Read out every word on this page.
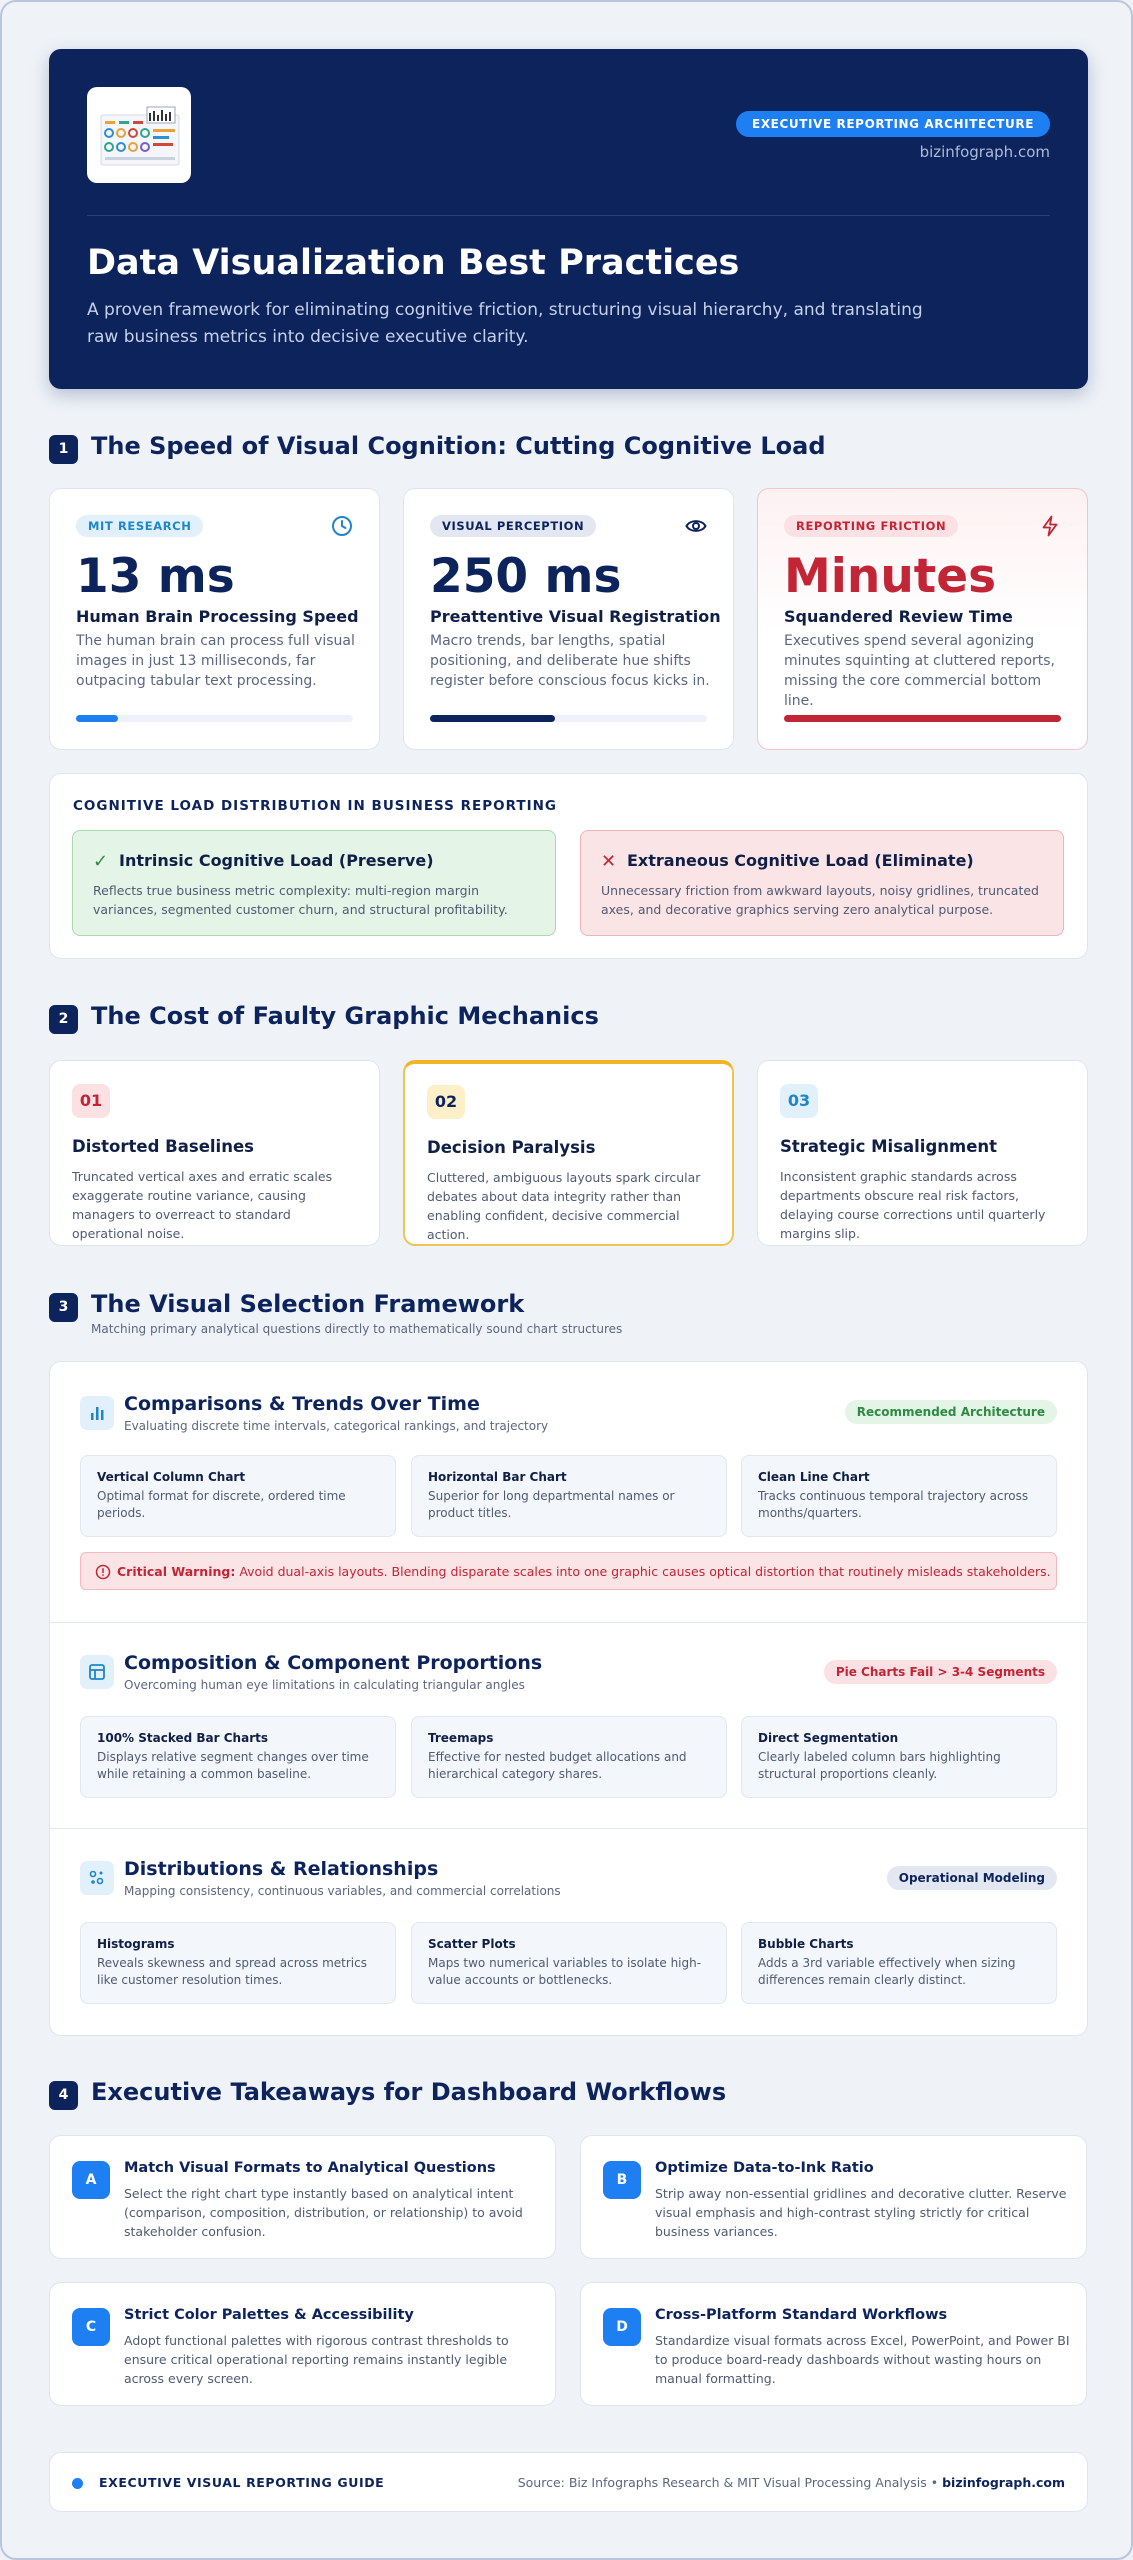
EXECUTIVE REPORTING ARCHITECTURE
bizinfograph.com
Data Visualization Best Practices

A proven framework for eliminating cognitive friction, structuring visual hierarchy, and translating raw business metrics into decisive executive clarity.

1 The Speed of Visual Cognition: Cutting Cognitive Load
MIT RESEARCH
13 ms
Human Brain Processing Speed
The human brain can process full visual images in just 13 milliseconds, far outpacing tabular text processing.
VISUAL PERCEPTION
250 ms
Preattentive Visual Registration
Macro trends, bar lengths, spatial positioning, and deliberate hue shifts register before conscious focus kicks in.
REPORTING FRICTION
Minutes
Squandered Review Time
Executives spend several agonizing minutes squinting at cluttered reports, missing the core commercial bottom line.
COGNITIVE LOAD DISTRIBUTION IN BUSINESS REPORTING
✓ Intrinsic Cognitive Load (Preserve)
Reflects true business metric complexity: multi-region margin variances, segmented customer churn, and structural profitability.
✕ Extraneous Cognitive Load (Eliminate)
Unnecessary friction from awkward layouts, noisy gridlines, truncated axes, and decorative graphics serving zero analytical purpose.
2 The Cost of Faulty Graphic Mechanics
01
Distorted Baselines
Truncated vertical axes and erratic scales exaggerate routine variance, causing managers to overreact to standard operational noise.
02
Decision Paralysis
Cluttered, ambiguous layouts spark circular debates about data integrity rather than enabling confident, decisive commercial action.
03
Strategic Misalignment
Inconsistent graphic standards across departments obscure real risk factors, delaying course corrections until quarterly margins slip.
3 The Visual Selection Framework
Matching primary analytical questions directly to mathematically sound chart structures
Comparisons & Trends Over Time
Evaluating discrete time intervals, categorical rankings, and trajectory
Recommended Architecture
Vertical Column Chart
Optimal format for discrete, ordered time periods.
Horizontal Bar Chart
Superior for long departmental names or product titles.
Clean Line Chart
Tracks continuous temporal trajectory across months/quarters.
Critical Warning: Avoid dual-axis layouts. Blending disparate scales into one graphic causes optical distortion that routinely misleads stakeholders.
Composition & Component Proportions
Overcoming human eye limitations in calculating triangular angles
Pie Charts Fail > 3-4 Segments
100% Stacked Bar Charts
Displays relative segment changes over time while retaining a common baseline.
Treemaps
Effective for nested budget allocations and hierarchical category shares.
Direct Segmentation
Clearly labeled column bars highlighting structural proportions cleanly.
Distributions & Relationships
Mapping consistency, continuous variables, and commercial correlations
Operational Modeling
Histograms
Reveals skewness and spread across metrics like customer resolution times.
Scatter Plots
Maps two numerical variables to isolate high-value accounts or bottlenecks.
Bubble Charts
Adds a 3rd variable effectively when sizing differences remain clearly distinct.
4 Executive Takeaways for Dashboard Workflows
A
Match Visual Formats to Analytical Questions
Select the right chart type instantly based on analytical intent (comparison, composition, distribution, or relationship) to avoid stakeholder confusion.
B
Optimize Data-to-Ink Ratio
Strip away non-essential gridlines and decorative clutter. Reserve visual emphasis and high-contrast styling strictly for critical business variances.
C
Strict Color Palettes & Accessibility
Adopt functional palettes with rigorous contrast thresholds to ensure critical operational reporting remains instantly legible across every screen.
D
Cross-Platform Standard Workflows
Standardize visual formats across Excel, PowerPoint, and Power BI to produce board-ready dashboards without wasting hours on manual formatting.
EXECUTIVE VISUAL REPORTING GUIDE	Source: Biz Infographs Research & MIT Visual Processing Analysis • bizinfograph.com
